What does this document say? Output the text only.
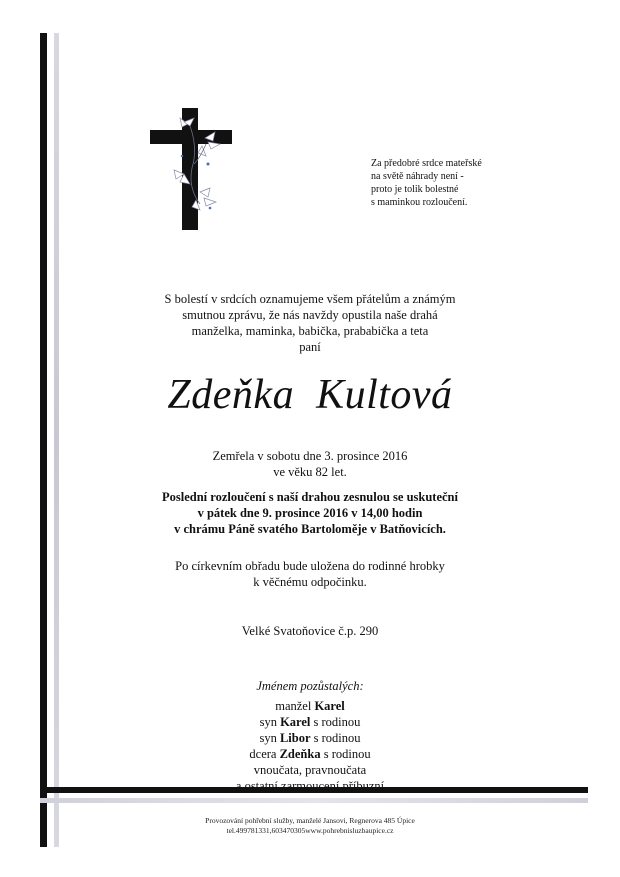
Za předobré srdce mateřské
na světě náhrady není -
proto je tolik bolestné
s maminkou rozloučení.
S bolestí v srdcích oznamujeme všem přátelům a známým
smutnou zprávu, že nás navždy opustila naše drahá
manželka, maminka, babička, prababička a teta
paní
Zdeňka  Kultová
Zemřela v sobotu dne 3. prosince 2016
ve věku 82 let.
Poslední rozloučení s naší drahou zesnulou se uskuteční
v pátek dne 9. prosince 2016 v 14,00 hodin
v chrámu Páně svatého Bartoloměje v Batňovicích.
Po církevním obřadu bude uložena do rodinné hrobky
k věčnému odpočinku.
Velké Svatoňovice č.p. 290
Jménem pozůstalých:
manžel Karel
syn Karel s rodinou
syn Libor s rodinou
dcera Zdeňka s rodinou
vnoučata, pravnoučata
a ostatní zarmoucení příbuzní
Provozování pohřební služby, manželé Jansovi, Regnerova 485 Úpice
tel.499781331,603470305www.pohrebnisluzbaupice.cz
